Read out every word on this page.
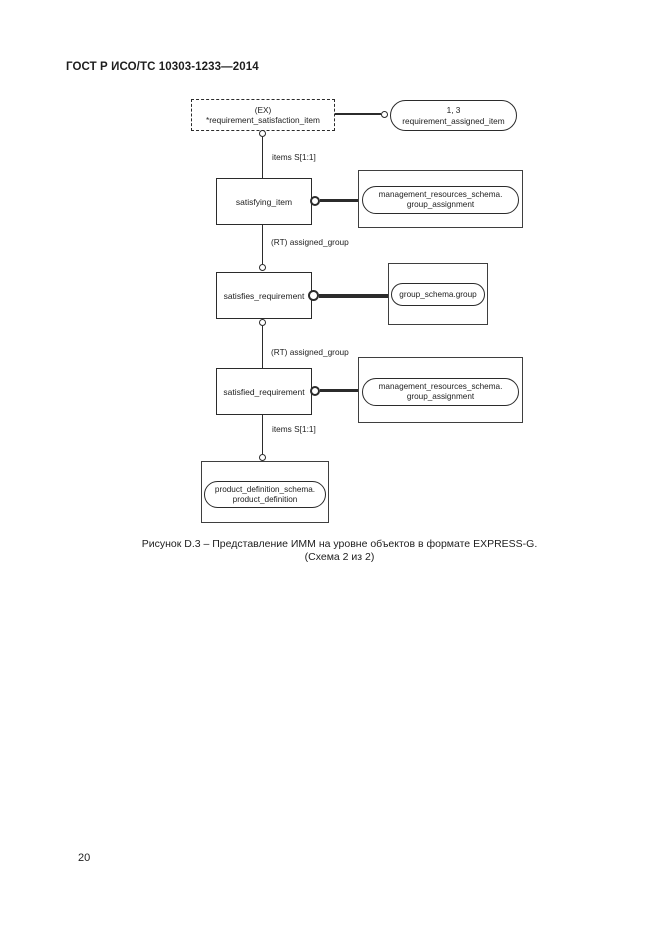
ГОСТ Р ИСО/ТС 10303-1233—2014
(EX)
*requirement_satisfaction_item
1, 3
requirement_assigned_item
items S[1:1]
satisfying_item
management_resources_schema.
group_assignment
(RT) assigned_group
satisfies_requirement	group_schema.group
(RT) assigned_group
satisfied_requirement	management_resources_schema.
group_assignment
items S[1:1]
product_definition_schema.
product_definition
Рисунок D.3 – Представление ИММ на уровне объектов в формате EXPRESS-G.
(Схема 2 из 2)
20
